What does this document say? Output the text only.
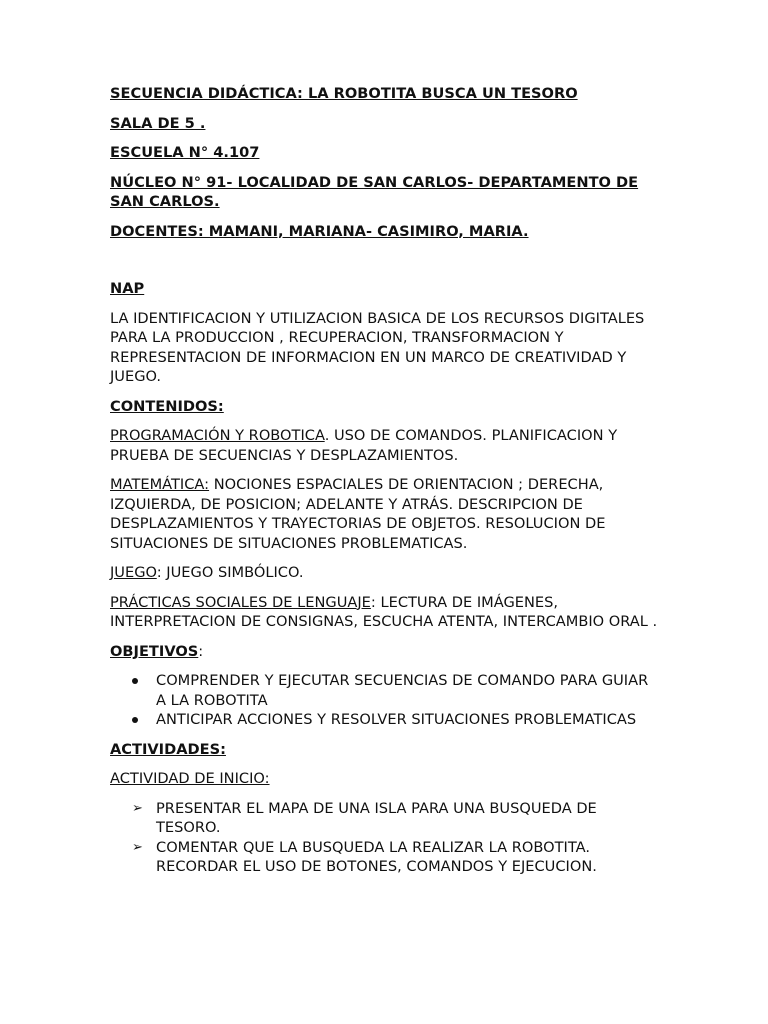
SECUENCIA DIDÁCTICA: LA ROBOTITA BUSCA UN TESORO

SALA DE 5 .

ESCUELA N° 4.107

NÚCLEO N° 91- LOCALIDAD DE SAN CARLOS- DEPARTAMENTO DE SAN CARLOS.

DOCENTES: MAMANI, MARIANA- CASIMIRO, MARIA.

NAP

LA IDENTIFICACION Y UTILIZACION BASICA DE LOS RECURSOS DIGITALES PARA LA PRODUCCION , RECUPERACION, TRANSFORMACION Y REPRESENTACION DE INFORMACION EN UN MARCO DE CREATIVIDAD Y JUEGO.

CONTENIDOS:

PROGRAMACIÓN Y ROBOTICA. USO DE COMANDOS. PLANIFICACION Y PRUEBA DE SECUENCIAS Y DESPLAZAMIENTOS.

MATEMÁTICA: NOCIONES ESPACIALES DE ORIENTACION ; DERECHA, IZQUIERDA, DE POSICION; ADELANTE Y ATRÁS. DESCRIPCION DE DESPLAZAMIENTOS Y TRAYECTORIAS DE OBJETOS. RESOLUCION DE SITUACIONES DE SITUACIONES PROBLEMATICAS.

JUEGO: JUEGO SIMBÓLICO.

PRÁCTICAS SOCIALES DE LENGUAJE: LECTURA DE IMÁGENES, INTERPRETACION DE CONSIGNAS, ESCUCHA ATENTA, INTERCAMBIO ORAL .

OBJETIVOS:

COMPRENDER Y EJECUTAR SECUENCIAS DE COMANDO PARA GUIAR A LA ROBOTITA
ANTICIPAR ACCIONES Y RESOLVER SITUACIONES PROBLEMATICAS

ACTIVIDADES:

ACTIVIDAD DE INICIO:

➢ PRESENTAR EL MAPA DE UNA ISLA PARA UNA BUSQUEDA DE TESORO.
➢ COMENTAR QUE LA BUSQUEDA LA REALIZAR LA ROBOTITA. RECORDAR EL USO DE BOTONES, COMANDOS Y EJECUCION.
